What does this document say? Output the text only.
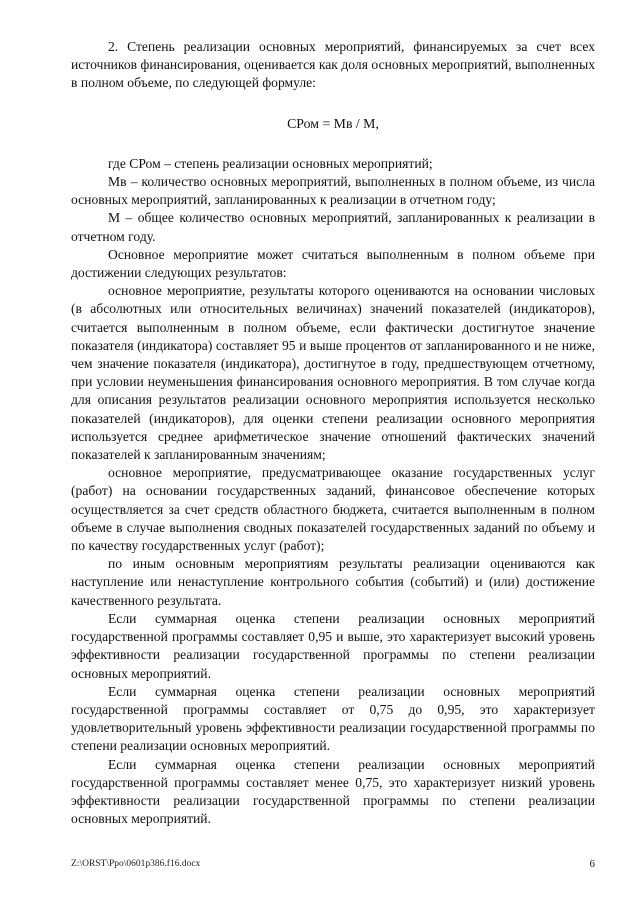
2. Степень реализации основных мероприятий, финансируемых за счет всех источников финансирования, оценивается как доля основных мероприятий, выполненных в полном объеме, по следующей формуле:

СРом = Мв / М,

где СРом – степень реализации основных мероприятий;

Мв – количество основных мероприятий, выполненных в полном объеме, из числа основных мероприятий, запланированных к реализации в отчетном году;

М – общее количество основных мероприятий, запланированных к реализации в отчетном году.

Основное мероприятие может считаться выполненным в полном объеме при достижении следующих результатов:

основное мероприятие, результаты которого оцениваются на основании числовых (в абсолютных или относительных величинах) значений показателей (индикаторов), считается выполненным в полном объеме, если фактически достигнутое значение показателя (индикатора) составляет 95 и выше процентов от запланированного и не ниже, чем значение показателя (индикатора), достигнутое в году, предшествующем отчетному, при условии неуменьшения финансирования основного мероприятия. В том случае когда для описания результатов реализации основного мероприятия используется несколько показателей (индикаторов), для оценки степени реализации основного мероприятия используется среднее арифметическое значение отношений фактических значений показателей к запланированным значениям;

основное мероприятие, предусматривающее оказание государственных услуг (работ) на основании государственных заданий, финансовое обеспечение которых осуществляется за счет средств областного бюджета, считается выполненным в полном объеме в случае выполнения сводных показателей государственных заданий по объему и по качеству государственных услуг (работ);

по иным основным мероприятиям результаты реализации оцениваются как наступление или ненаступление контрольного события (событий) и (или) достижение качественного результата.

Если суммарная оценка степени реализации основных мероприятий государственной программы составляет 0,95 и выше, это характеризует высокий уровень эффективности реализации государственной программы по степени реализации основных мероприятий.

Если суммарная оценка степени реализации основных мероприятий государственной программы составляет от 0,75 до 0,95, это характеризует удовлетворительный уровень эффективности реализации государственной программы по степени реализации основных мероприятий.

Если суммарная оценка степени реализации основных мероприятий государственной программы составляет менее 0,75, это характеризует низкий уровень эффективности реализации государственной программы по степени реализации основных мероприятий.

Z:\ORST\Ppo\0601p386.f16.docx	6
